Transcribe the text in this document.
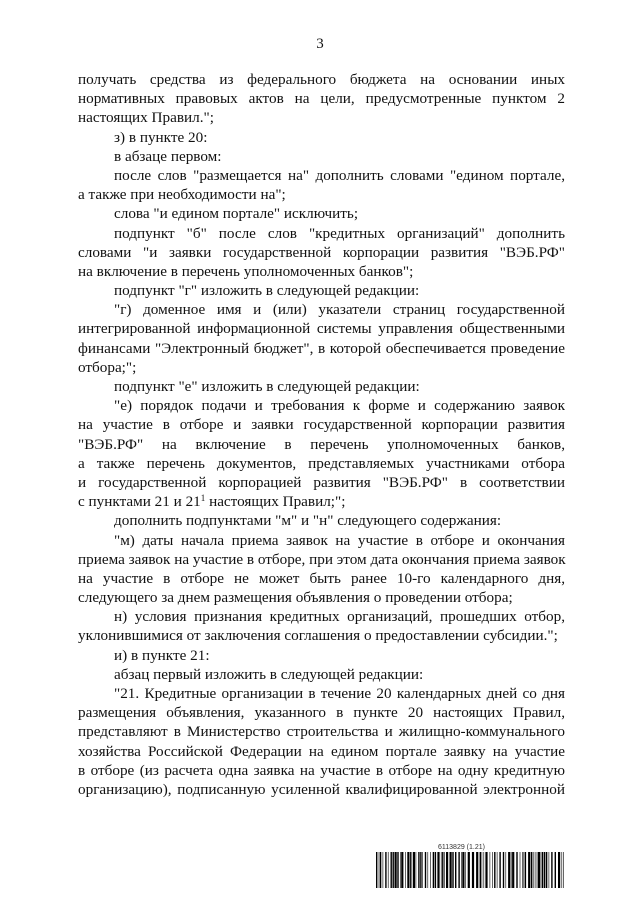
3
получать средства из федерального бюджета на основании иных
нормативных правовых актов на цели, предусмотренные пунктом 2
настоящих Правил.";
з) в пункте 20:
в абзаце первом:
после слов "размещается на" дополнить словами "едином портале,
а также при необходимости на";
слова "и едином портале" исключить;
подпункт "б" после слов "кредитных организаций" дополнить
словами "и заявки государственной корпорации развития "ВЭБ.РФ"
на включение в перечень уполномоченных банков";
подпункт "г" изложить в следующей редакции:
"г) доменное имя и (или) указатели страниц государственной
интегрированной информационной системы управления общественными
финансами "Электронный бюджет", в которой обеспечивается проведение
отбора;";
подпункт "е" изложить в следующей редакции:
"е) порядок подачи и требования к форме и содержанию заявок
на участие в отборе и заявки государственной корпорации развития
"ВЭБ.РФ" на включение в перечень уполномоченных банков,
а также перечень документов, представляемых участниками отбора
и государственной корпорацией развития "ВЭБ.РФ" в соответствии
с пунктами 21 и $21^1$ настоящих Правил;";
дополнить подпунктами "м" и "н" следующего содержания:
"м) даты начала приема заявок на участие в отборе и окончания
приема заявок на участие в отборе, при этом дата окончания приема заявок
на участие в отборе не может быть ранее 10-го календарного дня,
следующего за днем размещения объявления о проведении отбора;
н) условия признания кредитных организаций, прошедших отбор,
уклонившимися от заключения соглашения о предоставлении субсидии.";
и) в пункте 21:
абзац первый изложить в следующей редакции:
"21. Кредитные организации в течение 20 календарных дней со дня
размещения объявления, указанного в пункте 20 настоящих Правил,
представляют в Министерство строительства и жилищно-коммунального
хозяйства Российской Федерации на едином портале заявку на участие
в отборе (из расчета одна заявка на участие в отборе на одну кредитную
организацию), подписанную усиленной квалифицированной электронной
6113829 (1.21)
